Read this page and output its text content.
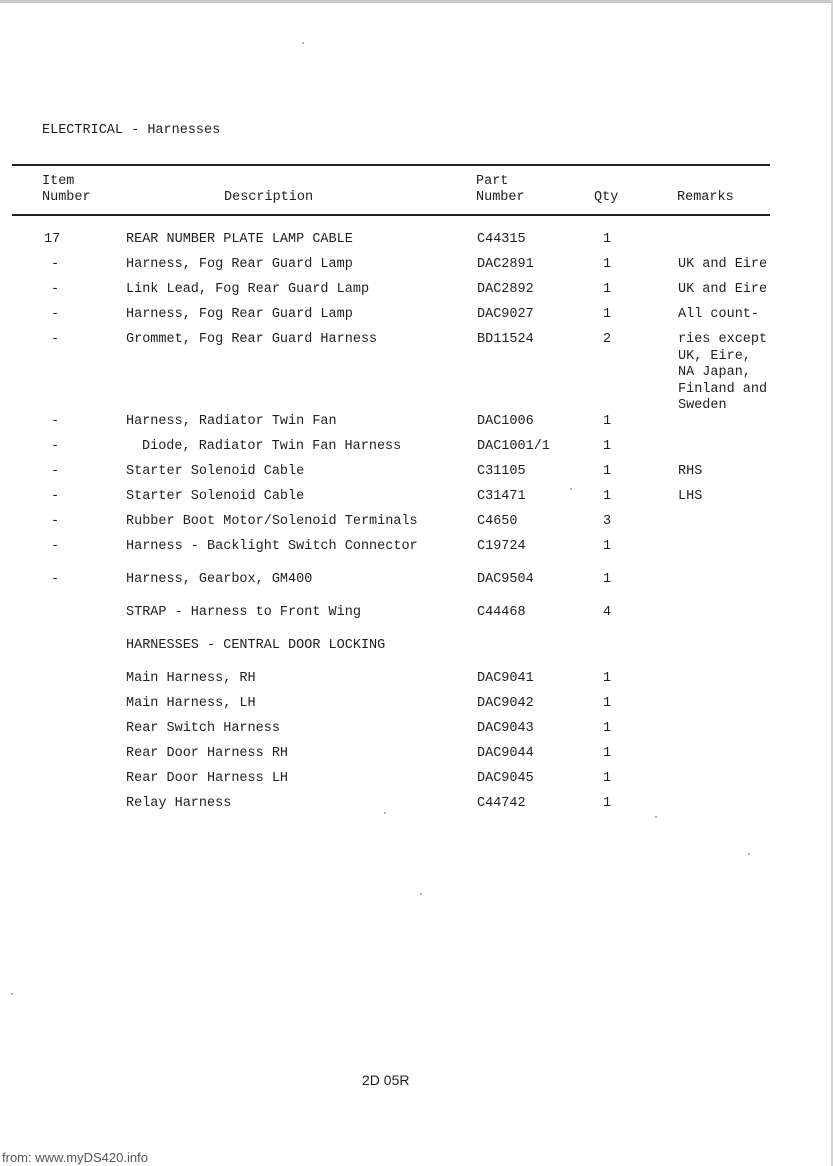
ELECTRICAL - Harnesses
Item
Number	Description
Part
Number	Qty	Remarks
17	REAR NUMBER PLATE LAMP CABLE	C44315	1
-	Harness, Fog Rear Guard Lamp	DAC2891	1	UK and Eire
-	Link Lead, Fog Rear Guard Lamp	DAC2892	1	UK and Eire
-	Harness, Fog Rear Guard Lamp	DAC9027	1	All count-
-	Grommet, Fog Rear Guard Harness	BD11524	2	ries except
UK, Eire,
NA Japan,
Finland and
Sweden
-	Harness, Radiator Twin Fan	DAC1006	1
-	Diode, Radiator Twin Fan Harness	DAC1001/1	1
-	Starter Solenoid Cable	C31105	1	RHS
-	Starter Solenoid Cable	C31471	1	LHS
-	Rubber Boot Motor/Solenoid Terminals	C4650	3
-	Harness - Backlight Switch Connector	C19724	1
-	Harness, Gearbox, GM400	DAC9504	1
STRAP - Harness to Front Wing	C44468	4
HARNESSES - CENTRAL DOOR LOCKING
Main Harness, RH	DAC9041	1
Main Harness, LH	DAC9042	1
Rear Switch Harness	DAC9043	1
Rear Door Harness RH	DAC9044	1
Rear Door Harness LH	DAC9045	1
Relay Harness	C44742	1
2D 05R
from: www.myDS420.info
